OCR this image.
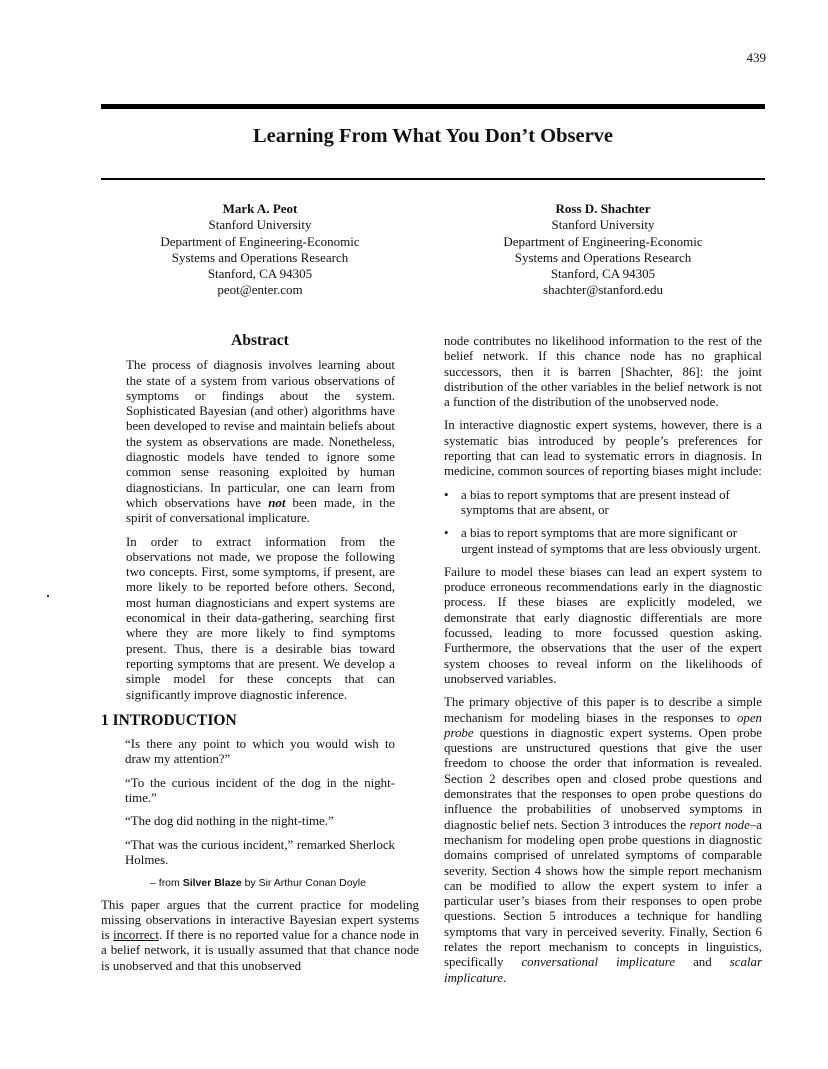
439
Learning From What You Don’t Observe
Mark A. Peot
Stanford University
Department of Engineering-Economic
Systems and Operations Research
Stanford, CA 94305
peot@enter.com
Ross D. Shachter
Stanford University
Department of Engineering-Economic
Systems and Operations Research
Stanford, CA 94305
shachter@stanford.edu
Abstract

The process of diagnosis involves learning about the state of a system from various observations of symptoms or findings about the system. Sophisticated Bayesian (and other) algorithms have been developed to revise and maintain beliefs about the system as observations are made. Nonetheless, diagnostic models have tended to ignore some common sense reasoning exploited by human diagnosticians. In particular, one can learn from which observations have not been made, in the spirit of conversational implicature.

In order to extract information from the observations not made, we propose the following two concepts. First, some symptoms, if present, are more likely to be reported before others. Second, most human diagnosticians and expert systems are economical in their data-gathering, searching first where they are more likely to find symptoms present. Thus, there is a desirable bias toward reporting symptoms that are present. We develop a simple model for these concepts that can significantly improve diagnostic inference.

1 INTRODUCTION

“Is there any point to which you would wish to draw my attention?”

“To the curious incident of the dog in the night-time.”

“The dog did nothing in the night-time.”

“That was the curious incident,” remarked Sherlock Holmes.

– from Silver Blaze by Sir Arthur Conan Doyle

This paper argues that the current practice for modeling missing observations in interactive Bayesian expert systems is incorrect. If there is no reported value for a chance node in a belief network, it is usually assumed that that chance node is unobserved and that this unobserved

node contributes no likelihood information to the rest of the belief network. If this chance node has no graphical successors, then it is barren [Shachter, 86]: the joint distribution of the other variables in the belief network is not a function of the distribution of the unobserved node.

In interactive diagnostic expert systems, however, there is a systematic bias introduced by people’s preferences for reporting that can lead to systematic errors in diagnosis. In medicine, common sources of reporting biases might include:

• a bias to report symptoms that are present instead of symptoms that are absent, or

• a bias to report symptoms that are more significant or urgent instead of symptoms that are less obviously urgent.

Failure to model these biases can lead an expert system to produce erroneous recommendations early in the diagnostic process. If these biases are explicitly modeled, we demonstrate that early diagnostic differentials are more focussed, leading to more focussed question asking. Furthermore, the observations that the user of the expert system chooses to reveal inform on the likelihoods of unobserved variables.

The primary objective of this paper is to describe a simple mechanism for modeling biases in the responses to open probe questions in diagnostic expert systems. Open probe questions are unstructured questions that give the user freedom to choose the order that information is revealed. Section 2 describes open and closed probe questions and demonstrates that the responses to open probe questions do influence the probabilities of unobserved symptoms in diagnostic belief nets. Section 3 introduces the report node–a mechanism for modeling open probe questions in diagnostic domains comprised of unrelated symptoms of comparable severity. Section 4 shows how the simple report mechanism can be modified to allow the expert system to infer a particular user’s biases from their responses to open probe questions. Section 5 introduces a technique for handling symptoms that vary in perceived severity. Finally, Section 6 relates the report mechanism to concepts in linguistics, specifically conversational implicature and scalar implicature.
